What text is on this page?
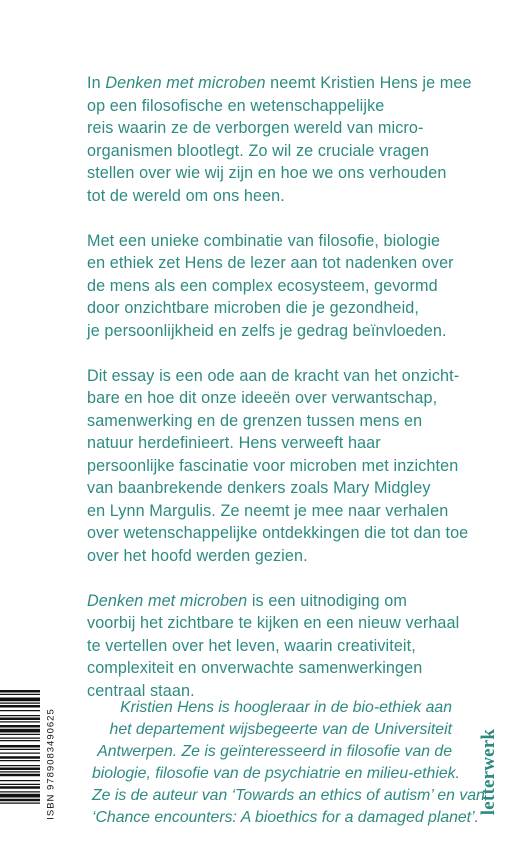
In Denken met microben neemt Kristien Hens je mee
op een filosofische en wetenschappelijke
reis waarin ze de verborgen wereld van micro-
organismen blootlegt. Zo wil ze cruciale vragen
stellen over wie wij zijn en hoe we ons verhouden
tot de wereld om ons heen.

Met een unieke combinatie van filosofie, biologie
en ethiek zet Hens de lezer aan tot nadenken over
de mens als een complex ecosysteem, gevormd
door onzichtbare microben die je gezondheid,
je persoonlijkheid en zelfs je gedrag beïnvloeden.

Dit essay is een ode aan de kracht van het onzicht-
bare en hoe dit onze ideeën over verwantschap,
samenwerking en de grenzen tussen mens en
natuur herdefinieert. Hens verweeft haar
persoonlijke fascinatie voor microben met inzichten
van baanbrekende denkers zoals Mary Midgley
en Lynn Margulis. Ze neemt je mee naar verhalen
over wetenschappelijke ontdekkingen die tot dan toe
over het hoofd werden gezien.

Denken met microben is een uitnodiging om
voorbij het zichtbare te kijken en een nieuw verhaal
te vertellen over het leven, waarin creativiteit,
complexiteit en onverwachte samenwerkingen
centraal staan.

Kristien Hens is hoogleraar in de bio-ethiek aan
het departement wijsbegeerte van de Universiteit
Antwerpen. Ze is geïnteresseerd in filosofie van de
biologie, filosofie van de psychiatrie en milieu-ethiek.
Ze is de auteur van ‘Towards an ethics of autism’ en van
‘Chance encounters: A bioethics for a damaged planet’.
ISBN 9789083490625	letterwerk
